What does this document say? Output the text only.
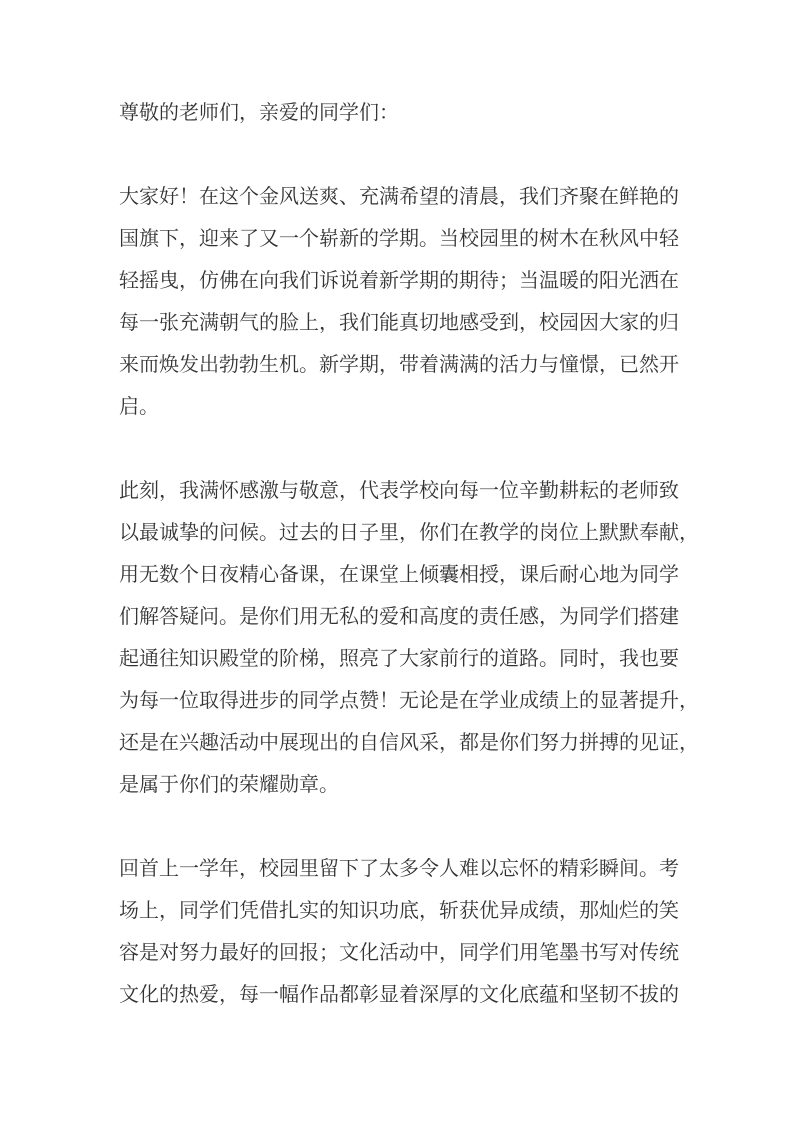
尊敬的老师们，亲爱的同学们：

大家好！在这个金风送爽、充满希望的清晨，我们齐聚在鲜艳的 国旗下，迎来了又一个崭新的学期。当校园里的树木在秋风中轻 轻摇曳，仿佛在向我们诉说着新学期的期待；当温暖的阳光洒在 每一张充满朝气的脸上，我们能真切地感受到，校园因大家的归 来而焕发出勃勃生机。新学期，带着满满的活力与憧憬，已然开 启。

此刻，我满怀感激与敬意，代表学校向每一位辛勤耕耘的老师致 以最诚挚的问候。过去的日子里，你们在教学的岗位上默默奉献， 用无数个日夜精心备课，在课堂上倾囊相授，课后耐心地为同学 们解答疑问。是你们用无私的爱和高度的责任感，为同学们搭建 起通往知识殿堂的阶梯，照亮了大家前行的道路。同时，我也要 为每一位取得进步的同学点赞！无论是在学业成绩上的显著提升， 还是在兴趣活动中展现出的自信风采，都是你们努力拼搏的见证， 是属于你们的荣耀勋章。

回首上一学年，校园里留下了太多令人难以忘怀的精彩瞬间。考 场上，同学们凭借扎实的知识功底，斩获优异成绩，那灿烂的笑 容是对努力最好的回报；文化活动中，同学们用笔墨书写对传统 文化的热爱，每一幅作品都彰显着深厚的文化底蕴和坚韧不拔的
